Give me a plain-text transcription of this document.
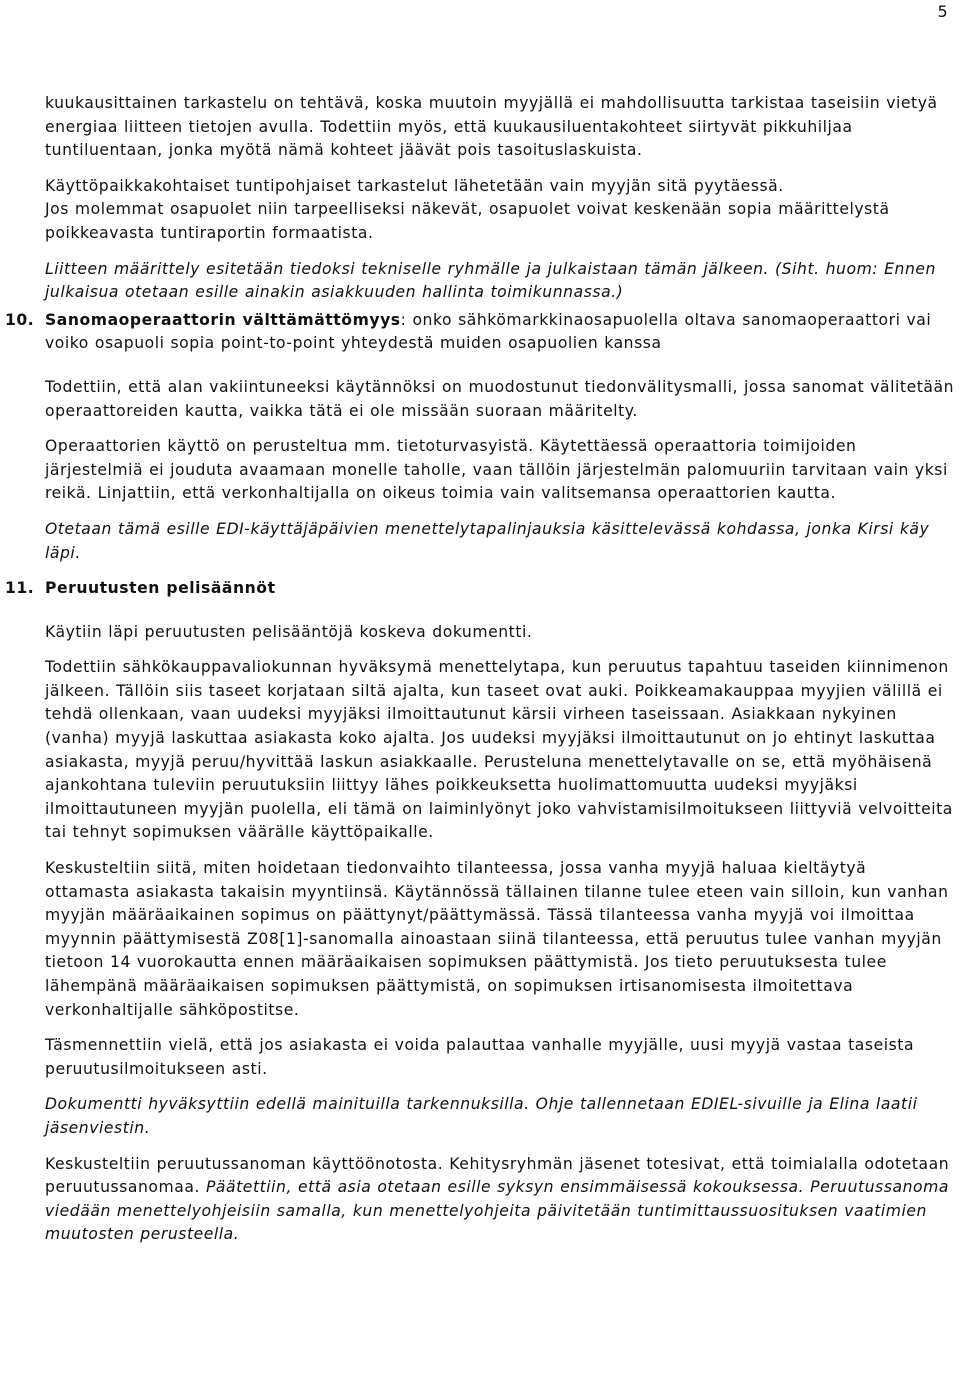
5

kuukausittainen tarkastelu on tehtävä, koska muutoin myyjällä ei mahdollisuutta tarkistaa taseisiin vietyä energiaa liitteen tietojen avulla. Todettiin myös, että kuukausiluentakohteet siirtyvät pikkuhiljaa tuntiluentaan, jonka myötä nämä kohteet jäävät pois tasoituslaskuista.

Käyttöpaikkakohtaiset tuntipohjaiset tarkastelut lähetetään vain myyjän sitä pyytäessä.

Jos molemmat osapuolet niin tarpeelliseksi näkevät, osapuolet voivat keskenään sopia määrittelystä poikkeavasta tuntiraportin formaatista.

Liitteen määrittely esitetään tiedoksi tekniselle ryhmälle ja julkaistaan tämän jälkeen. (Siht. huom: Ennen julkaisua otetaan esille ainakin asiakkuuden hallinta toimikunnassa.)

10. Sanomaoperaattorin välttämättömyys: onko sähkömarkkinaosapuolella oltava sanomaoperaattori vai voiko osapuoli sopia point-to-point yhteydestä muiden osapuolien kanssa

Todettiin, että alan vakiintuneeksi käytännöksi on muodostunut tiedonvälitysmalli, jossa sanomat välitetään operaattoreiden kautta, vaikka tätä ei ole missään suoraan määritelty.

Operaattorien käyttö on perusteltua mm. tietoturvasyistä. Käytettäessä operaattoria toimijoiden järjestelmiä ei jouduta avaamaan monelle taholle, vaan tällöin järjestelmän palomuuriin tarvitaan vain yksi reikä. Linjattiin, että verkonhaltijalla on oikeus toimia vain valitsemansa operaattorien kautta.

Otetaan tämä esille EDI-käyttäjäpäivien menettelytapalinjauksia käsittelevässä kohdassa, jonka Kirsi käy läpi.

11. Peruutusten pelisäännöt

Käytiin läpi peruutusten pelisääntöjä koskeva dokumentti.

Todettiin sähkökauppavaliokunnan hyväksymä menettelytapa, kun peruutus tapahtuu taseiden kiinnimenon jälkeen. Tällöin siis taseet korjataan siltä ajalta, kun taseet ovat auki. Poikkeamakauppaa myyjien välillä ei tehdä ollenkaan, vaan uudeksi myyjäksi ilmoittautunut kärsii virheen taseissaan. Asiakkaan nykyinen (vanha) myyjä laskuttaa asiakasta koko ajalta. Jos uudeksi myyjäksi ilmoittautunut on jo ehtinyt laskuttaa asiakasta, myyjä peruu/hyvittää laskun asiakkaalle. Perusteluna menettelytavalle on se, että myöhäisenä ajankohtana tuleviin peruutuksiin liittyy lähes poikkeuksetta huolimattomuutta uudeksi myyjäksi ilmoittautuneen myyjän puolella, eli tämä on laiminlyönyt joko vahvistamisilmoitukseen liittyviä velvoitteita tai tehnyt sopimuksen väärälle käyttöpaikalle.

Keskusteltiin siitä, miten hoidetaan tiedonvaihto tilanteessa, jossa vanha myyjä haluaa kieltäytyä ottamasta asiakasta takaisin myyntiinsä. Käytännössä tällainen tilanne tulee eteen vain silloin, kun vanhan myyjän määräaikainen sopimus on päättynyt/päättymässä. Tässä tilanteessa vanha myyjä voi ilmoittaa myynnin päättymisestä Z08[1]-sanomalla ainoastaan siinä tilanteessa, että peruutus tulee vanhan myyjän tietoon 14 vuorokautta ennen määräaikaisen sopimuksen päättymistä. Jos tieto peruutuksesta tulee lähempänä määräaikaisen sopimuksen päättymistä, on sopimuksen irtisanomisesta ilmoitettava verkonhaltijalle sähköpostitse.

Täsmennettiin vielä, että jos asiakasta ei voida palauttaa vanhalle myyjälle, uusi myyjä vastaa taseista peruutusilmoitukseen asti.

Dokumentti hyväksyttiin edellä mainituilla tarkennuksilla. Ohje tallennetaan EDIEL-sivuille ja Elina laatii jäsenviestin.

Keskusteltiin peruutussanoman käyttöönotosta. Kehitysryhmän jäsenet totesivat, että toimialalla odotetaan peruutussanomaa. Päätettiin, että asia otetaan esille syksyn ensimmäisessä kokouksessa. Peruutussanoma viedään menettelyohjeisiin samalla, kun menettelyohjeita päivitetään tuntimittaussuosituksen vaatimien muutosten perusteella.
